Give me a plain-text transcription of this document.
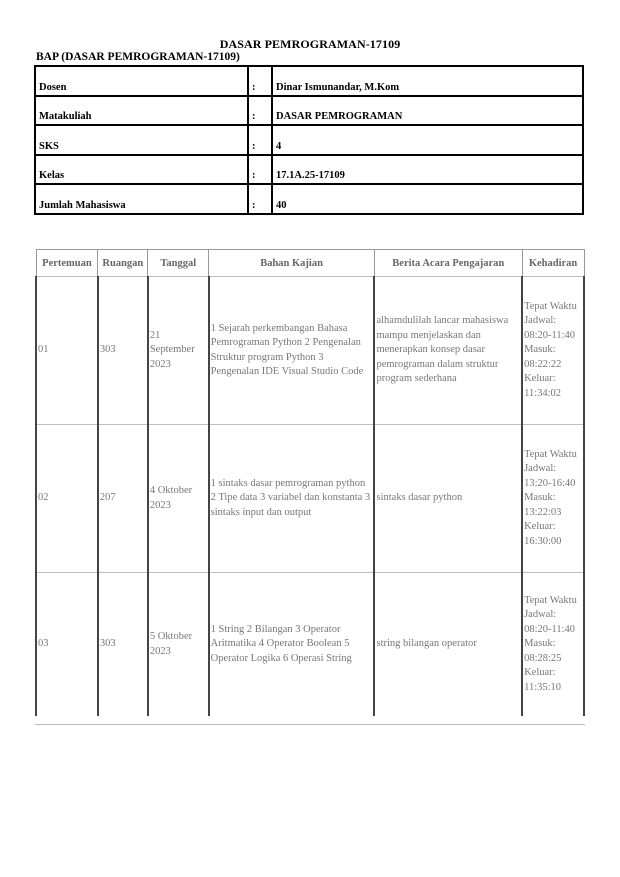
DASAR PEMROGRAMAN-17109
BAP (DASAR PEMROGRAMAN-17109)
Dosen	:	Dinar Ismunandar, M.Kom
Matakuliah	:	DASAR PEMROGRAMAN
SKS	:	4
Kelas	:	17.1A.25-17109
Jumlah Mahasiswa	:	40
Pertemuan	Ruangan	Tanggal	Bahan Kajian	Berita Acara Pengajaran	Kehadiran
01	303	21 September 2023	1 Sejarah perkembangan Bahasa Pemrograman Python 2 Pengenalan Struktur program Python 3 Pengenalan IDE Visual Studio Code	alhamdulilah lancar mahasiswa mampu menjelaskan dan menerapkan konsep dasar pemrograman dalam struktur program sederhana	Tepat Waktu Jadwal: 08:20-11:40 Masuk: 08:22:22 Keluar: 11:34:02
02	207	4 Oktober 2023	1 sintaks dasar pemrograman python 2 Tipe data 3 variabel dan konstanta 3 sintaks input dan output	sintaks dasar python	Tepat Waktu Jadwal: 13:20-16:40 Masuk: 13:22:03 Keluar: 16:30:00
03	303	5 Oktober 2023	1 String 2 Bilangan 3 Operator Aritmatika 4 Operator Boolean 5 Operator Logika 6 Operasi String	string bilangan operator	Tepat Waktu Jadwal: 08:20-11:40 Masuk: 08:28:25 Keluar: 11:35:10
